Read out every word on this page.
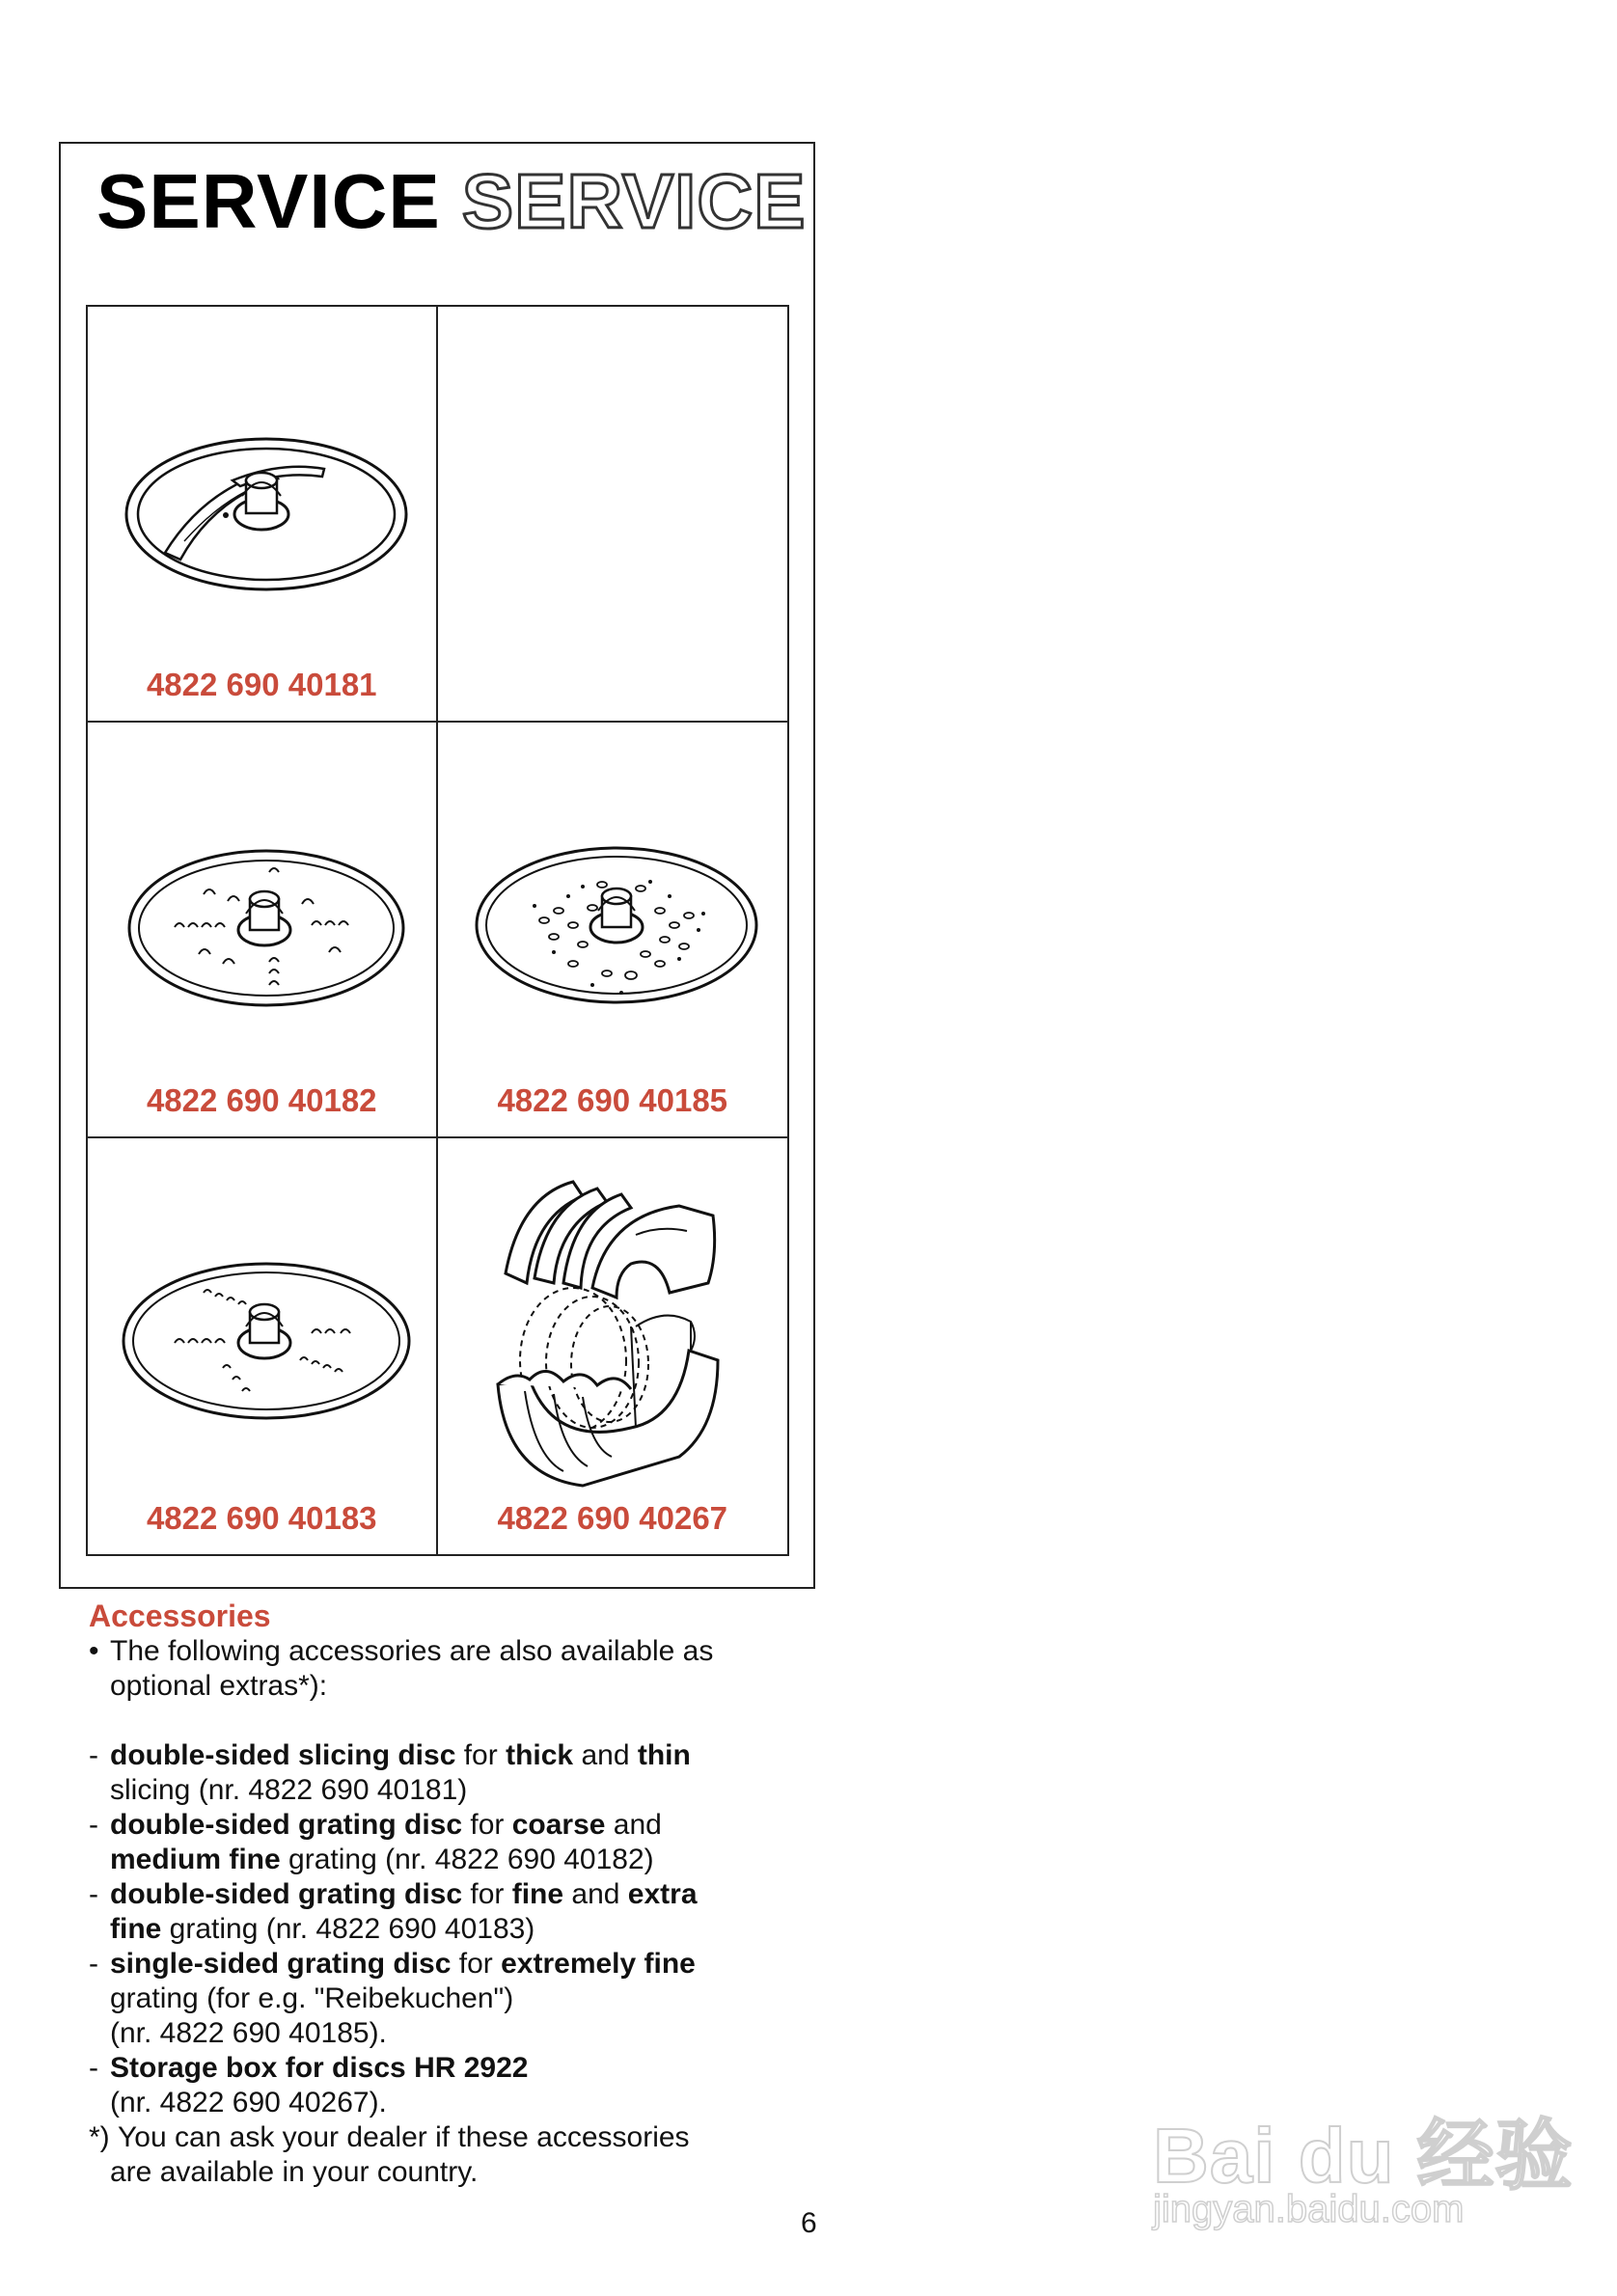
SERVICE SERVICE
4822 690 40181
4822 690 40182	4822 690 40185
4822 690 40183	4822 690 40267
Accessories
• The following accessories are also available as
optional extras*):
- double-sided slicing disc for thick and thin
slicing (nr. 4822 690 40181)
- double-sided grating disc for coarse and
medium fine grating (nr. 4822 690 40182)
- double-sided grating disc for fine and extra
fine grating (nr. 4822 690 40183)
- single-sided grating disc for extremely fine
grating (for e.g. "Reibekuchen")
(nr. 4822 690 40185).
- Storage box for discs HR 2922
(nr. 4822 690 40267).
*) You can ask your dealer if these accessories
are available in your country.
6
Bai du 经验
jingyan.baidu.com
